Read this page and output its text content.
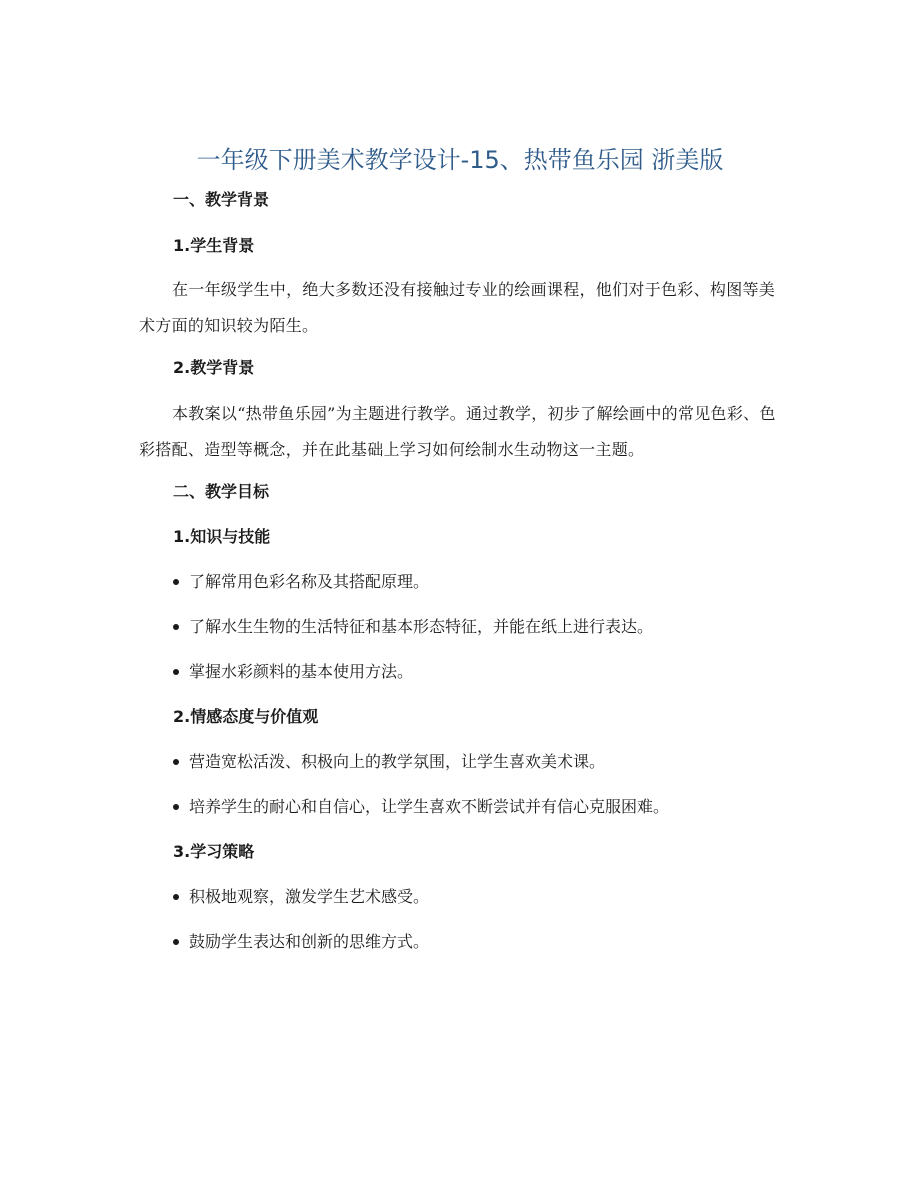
一年级下册美术教学设计-15、热带鱼乐园 浙美版
一、教学背景
1.学生背景
在一年级学生中，绝大多数还没有接触过专业的绘画课程，他们对于色彩、构图等美术方面的知识较为陌生。
2.教学背景
本教案以“热带鱼乐园”为主题进行教学。通过教学，初步了解绘画中的常见色彩、色彩搭配、造型等概念，并在此基础上学习如何绘制水生动物这一主题。
二、教学目标
1.知识与技能
了解常用色彩名称及其搭配原理。
了解水生生物的生活特征和基本形态特征，并能在纸上进行表达。
掌握水彩颜料的基本使用方法。
2.情感态度与价值观
营造宽松活泼、积极向上的教学氛围，让学生喜欢美术课。
培养学生的耐心和自信心，让学生喜欢不断尝试并有信心克服困难。
3.学习策略
积极地观察，激发学生艺术感受。
鼓励学生表达和创新的思维方式。
